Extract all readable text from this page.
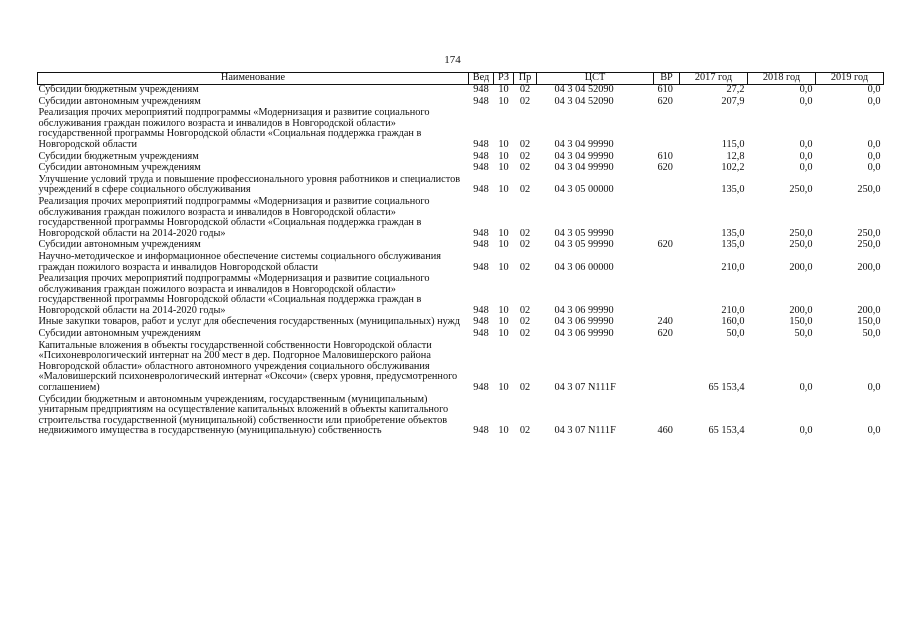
174
Наименование	Вед	РЗ	Пр	ЦСТ	ВР	2017 год	2018 год	2019 год
Субсидии бюджетным учреждениям	948	10	02	04 3 04 52090	610	27,2	0,0	0,0
Субсидии автономным учреждениям	948	10	02	04 3 04 52090	620	207,9	0,0	0,0
Реализация прочих мероприятий подпрограммы «Модернизация и развитие социального обслуживания граждан пожилого возраста и инвалидов в Новгородской области» государственной программы Новгородской области «Социальная поддержка граждан в Новгородской области	948	10	02	04 3 04 99990		115,0	0,0	0,0
Субсидии бюджетным учреждениям	948	10	02	04 3 04 99990	610	12,8	0,0	0,0
Субсидии автономным учреждениям	948	10	02	04 3 04 99990	620	102,2	0,0	0,0
Улучшение условий труда и повышение профессионального уровня работников и специалистов учреждений в сфере социального обслуживания	948	10	02	04 3 05 00000		135,0	250,0	250,0
Реализация прочих мероприятий подпрограммы «Модернизация и развитие социального обслуживания граждан пожилого возраста и инвалидов в Новгородской области» государственной программы Новгородской области «Социальная поддержка граждан в Новгородской области на 2014-2020 годы»	948	10	02	04 3 05 99990		135,0	250,0	250,0
Субсидии автономным учреждениям	948	10	02	04 3 05 99990	620	135,0	250,0	250,0
Научно-методическое и информационное обеспечение системы социального обслуживания граждан пожилого возраста и инвалидов Новгородской области	948	10	02	04 3 06 00000		210,0	200,0	200,0
Реализация прочих мероприятий подпрограммы «Модернизация и развитие социального обслуживания граждан пожилого возраста и инвалидов в Новгородской области» государственной программы Новгородской области «Социальная поддержка граждан в Новгородской области на 2014-2020 годы»	948	10	02	04 3 06 99990		210,0	200,0	200,0
Иные закупки товаров, работ и услуг для обеспечения государственных (муниципальных) нужд	948	10	02	04 3 06 99990	240	160,0	150,0	150,0
Субсидии автономным учреждениям	948	10	02	04 3 06 99990	620	50,0	50,0	50,0
Капитальные вложения в объекты государственной собственности Новгородской области «Психоневрологический интернат на 200 мест в дер. Подгорное Маловишерского района Новгородской области» областного автономного учреждения социального обслуживания «Маловишерский психоневрологический интернат «Оксочи» (сверх уровня, предусмотренного соглашением)	948	10	02	04 3 07 N111F		65 153,4	0,0	0,0
Субсидии бюджетным и автономным учреждениям, государственным (муниципальным) унитарным предприятиям на осуществление капитальных вложений в объекты капитального строительства государственной (муниципальной) собственности или приобретение объектов недвижимого имущества в государственную (муниципальную) собственность	948	10	02	04 3 07 N111F	460	65 153,4	0,0	0,0
